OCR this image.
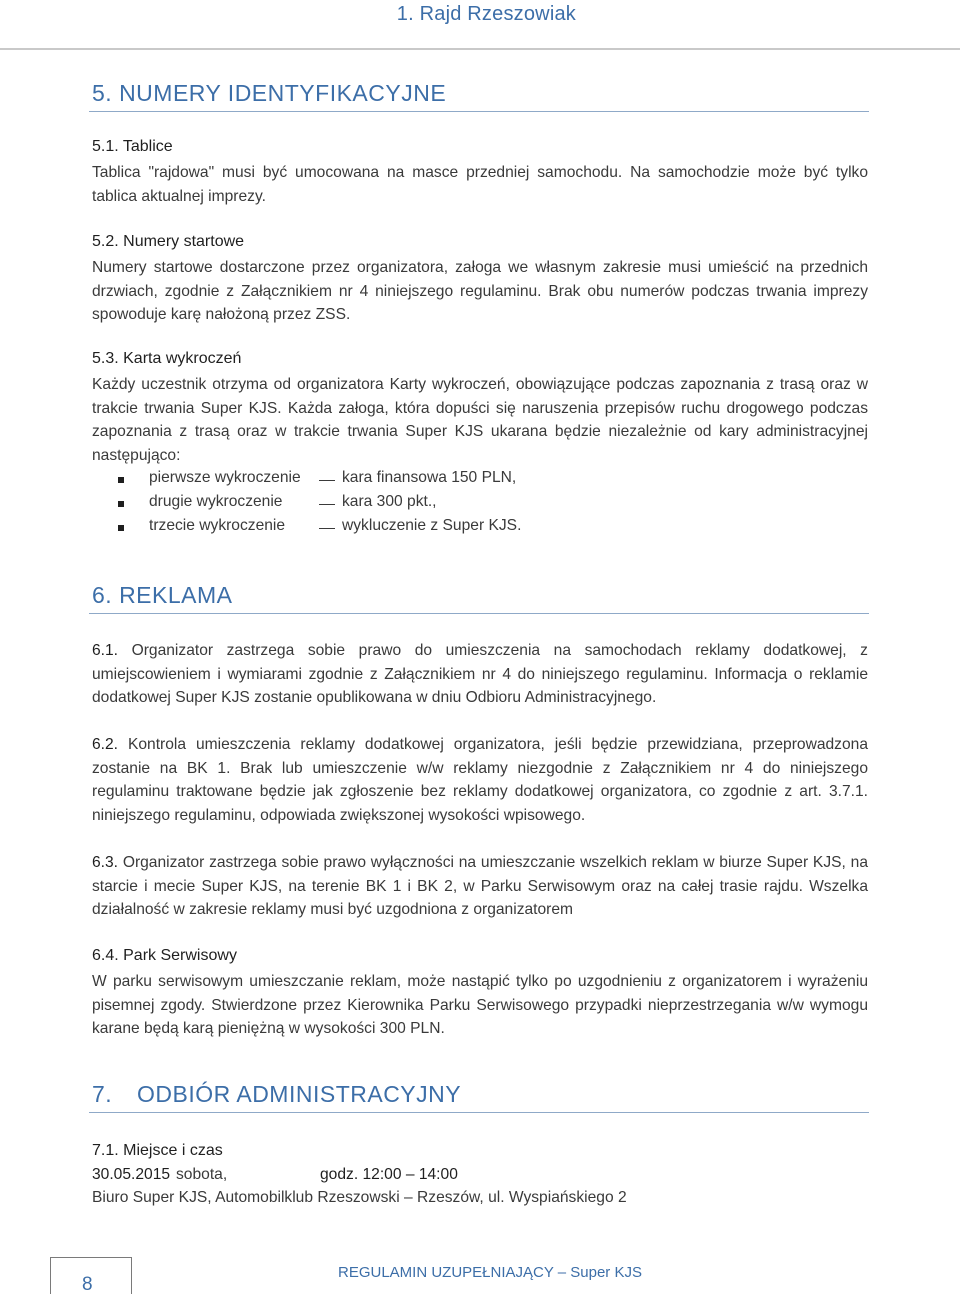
1. Rajd Rzeszowiak
5. NUMERY IDENTYFIKACYJNE
5.1. Tablice
Tablica "rajdowa" musi być umocowana na masce przedniej samochodu. Na samochodzie może być tylko tablica aktualnej imprezy.
5.2. Numery startowe
Numery startowe dostarczone przez organizatora, załoga we własnym zakresie musi umieścić na przednich drzwiach, zgodnie z Załącznikiem nr 4 niniejszego regulaminu. Brak obu numerów podczas trwania imprezy spowoduje karę nałożoną przez ZSS.
5.3. Karta wykroczeń
Każdy uczestnik otrzyma od organizatora Karty wykroczeń, obowiązujące podczas zapoznania z trasą oraz w trakcie trwania Super KJS. Każda załoga, która dopuści się naruszenia przepisów ruchu drogowego podczas zapoznania z trasą oraz w trakcie trwania Super KJS ukarana będzie niezależnie od kary administracyjnej następująco:
pierwsze wykroczenie	kara finansowa 150 PLN,
drugie wykroczenie	kara 300 pkt.,
trzecie wykroczenie	wykluczenie z Super KJS.
6. REKLAMA
6.1. Organizator zastrzega sobie prawo do umieszczenia na samochodach reklamy dodatkowej, z umiejscowieniem i wymiarami zgodnie z Załącznikiem nr 4 do niniejszego regulaminu. Informacja o reklamie dodatkowej Super KJS zostanie opublikowana w dniu Odbioru Administracyjnego.
6.2. Kontrola umieszczenia reklamy dodatkowej organizatora, jeśli będzie przewidziana, przeprowadzona zostanie na BK 1. Brak lub umieszczenie w/w reklamy niezgodnie z Załącznikiem nr 4 do niniejszego regulaminu traktowane będzie jak zgłoszenie bez reklamy dodatkowej organizatora, co zgodnie z art. 3.7.1. niniejszego regulaminu, odpowiada zwiększonej wysokości wpisowego.
6.3. Organizator zastrzega sobie prawo wyłączności na umieszczanie wszelkich reklam w biurze Super KJS, na starcie i mecie Super KJS, na terenie BK 1 i BK 2, w Parku Serwisowym oraz na całej trasie rajdu. Wszelka działalność w zakresie reklamy musi być uzgodniona z organizatorem
6.4. Park Serwisowy
W parku serwisowym umieszczanie reklam, może nastąpić tylko po uzgodnieniu z organizatorem i wyrażeniu pisemnej zgody. Stwierdzone przez Kierownika Parku Serwisowego przypadki nieprzestrzegania w/w wymogu karane będą karą pieniężną w wysokości 300 PLN.
7. ODBIÓR ADMINISTRACYJNY
7.1. Miejsce i czas
30.05.2015 sobota,	godz. 12:00 – 14:00
Biuro Super KJS, Automobilklub Rzeszowski – Rzeszów, ul. Wyspiańskiego 2
8
REGULAMIN UZUPEŁNIAJĄCY – Super KJS
